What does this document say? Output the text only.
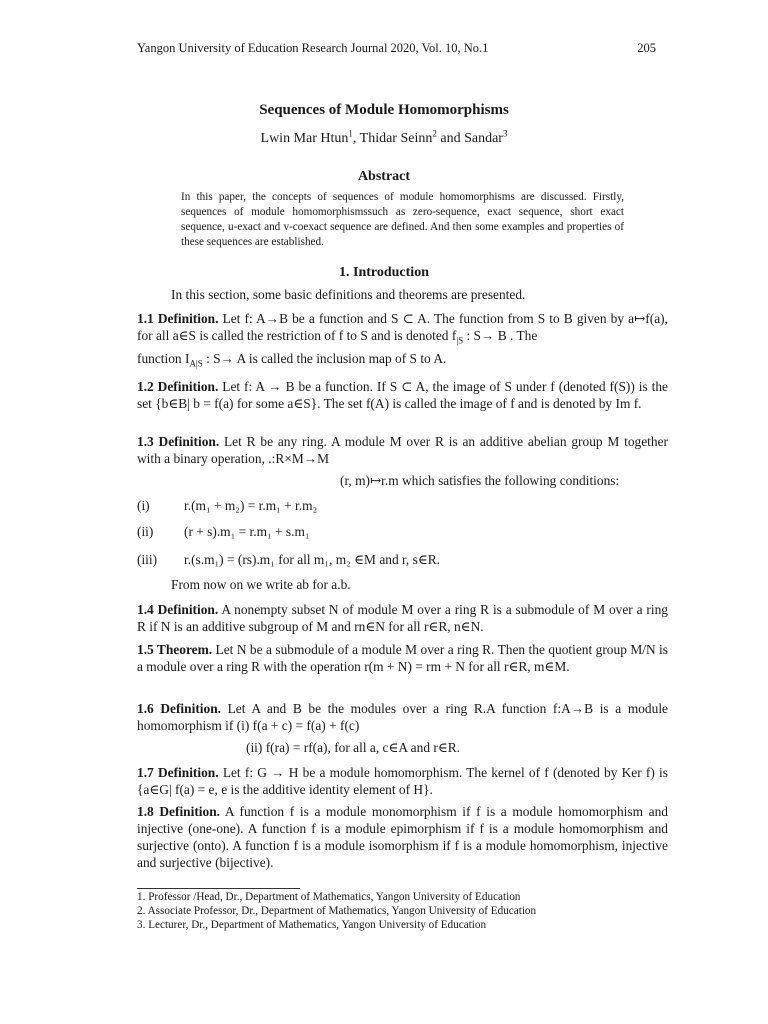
Yangon University of Education Research Journal 2020, Vol. 10, No.1	205
Sequences of Module Homomorphisms
Lwin Mar Htun$^1$, Thidar Seinn$^2$ and Sandar$^3$
Abstract
In this paper, the concepts of sequences of module homomorphisms are discussed. Firstly, sequences of module homomorphismssuch as zero-sequence, exact sequence, short exact sequence, u-exact and v-coexact sequence are defined. And then some examples and properties of these sequences are established.
1. Introduction
In this section, some basic definitions and theorems are presented.
1.1 Definition. Let f: A→B be a function and S ⊂ A. The function from S to B given by a↦f(a), for all a∈S is called the restriction of f to S and is denoted $f_{|S}$ : S→ B . The
function $I_{A|S}$ : S→ A is called the inclusion map of S to A.
1.2 Definition. Let f: A → B be a function. If S ⊂ A, the image of S under f (denoted f(S)) is the set {b∈B| b = f(a) for some a∈S}. The set f(A) is called the image of f and is denoted by Im f.
1.3 Definition. Let R be any ring. A module M over R is an additive abelian group M together with a binary operation, .:R×M→M
(r, m)↦r.m which satisfies the following conditions:
(i)	r.(m₁ + m₂) = r.m₁ + r.m₂
(ii) (r + s).m₁ = r.m₁ + s.m₁
(iii) r.(s.m₁) = (rs).m₁ for all m₁, m₂ ∈M and r, s∈R.
From now on we write ab for a.b.
1.4 Definition. A nonempty subset N of module M over a ring R is a submodule of M over a ring R if N is an additive subgroup of M and rn∈N for all r∈R, n∈N.
1.5 Theorem. Let N be a submodule of a module M over a ring R. Then the quotient group M/N is a module over a ring R with the operation r(m + N) = rm + N for all r∈R, m∈M.
1.6 Definition. Let A and B be the modules over a ring R.A function f:A→B is a module homomorphism if (i) f(a + c) = f(a) + f(c)
(ii) f(ra) = rf(a), for all a, c∈A and r∈R.
1.7 Definition. Let f: G → H be a module homomorphism. The kernel of f (denoted by Ker f) is {a∈G| f(a) = e, e is the additive identity element of H}.
1.8 Definition. A function f is a module monomorphism if f is a module homomorphism and injective (one-one). A function f is a module epimorphism if f is a module homomorphism and surjective (onto). A function f is a module isomorphism if f is a module homomorphism, injective and surjective (bijective).
1. Professor /Head, Dr., Department of Mathematics, Yangon University of Education
2. Associate Professor, Dr., Department of Mathematics, Yangon University of Education
3. Lecturer, Dr., Department of Mathematics, Yangon University of Education
